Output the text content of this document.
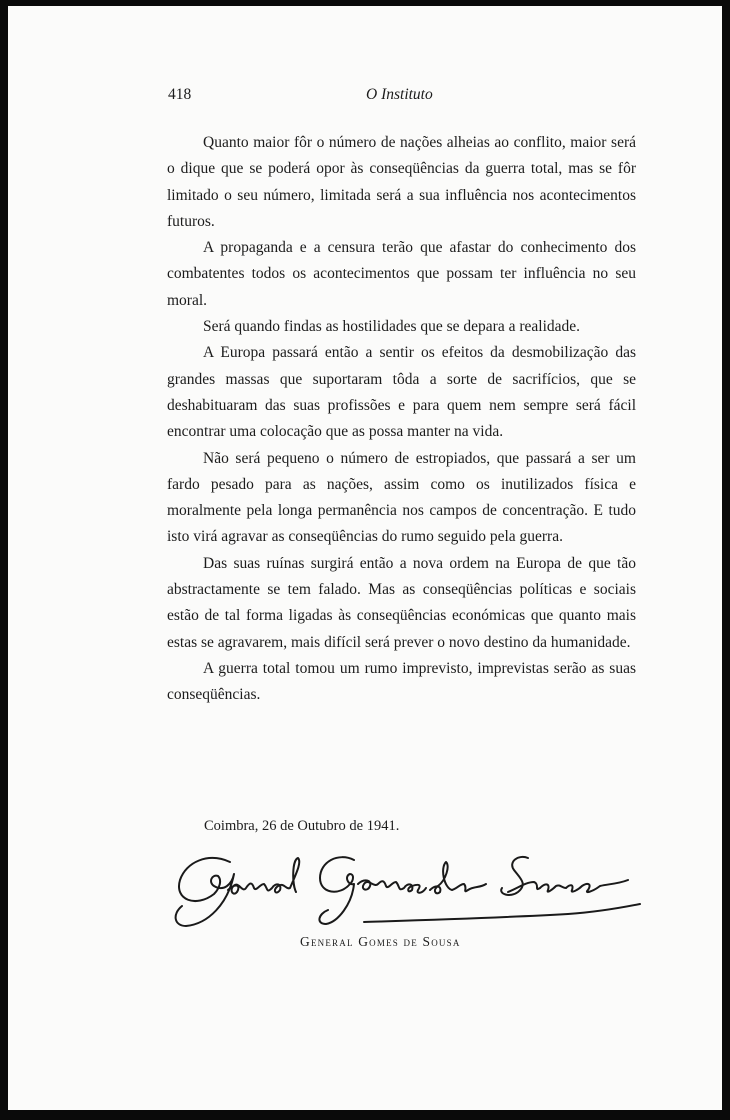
418	O Instituto

Quanto maior fôr o número de nações alheias ao conflito, maior será o dique que se poderá opor às conseqüências da guerra total, mas se fôr limitado o seu número, limitada será a sua influência nos acontecimentos futuros.

A propaganda e a censura terão que afastar do conhecimento dos combatentes todos os acontecimentos que possam ter influência no seu moral.

Será quando findas as hostilidades que se depara a realidade.

A Europa passará então a sentir os efeitos da desmobilização das grandes massas que suportaram tôda a sorte de sacrifícios, que se deshabituaram das suas profissões e para quem nem sempre será fácil encontrar uma colocação que as possa manter na vida.

Não será pequeno o número de estropiados, que passará a ser um fardo pesado para as nações, assim como os inutilizados física e moralmente pela longa permanência nos campos de concentração. E tudo isto virá agravar as conseqüências do rumo seguido pela guerra.

Das suas ruínas surgirá então a nova ordem na Europa de que tão abstractamente se tem falado. Mas as conseqüências políticas e sociais estão de tal forma ligadas às conseqüências económicas que quanto mais estas se agravarem, mais difícil será prever o novo destino da humanidade.

A guerra total tomou um rumo imprevisto, imprevistas serão as suas conseqüências.

Coimbra, 26 de Outubro de 1941.
General Gomes de Sousa
